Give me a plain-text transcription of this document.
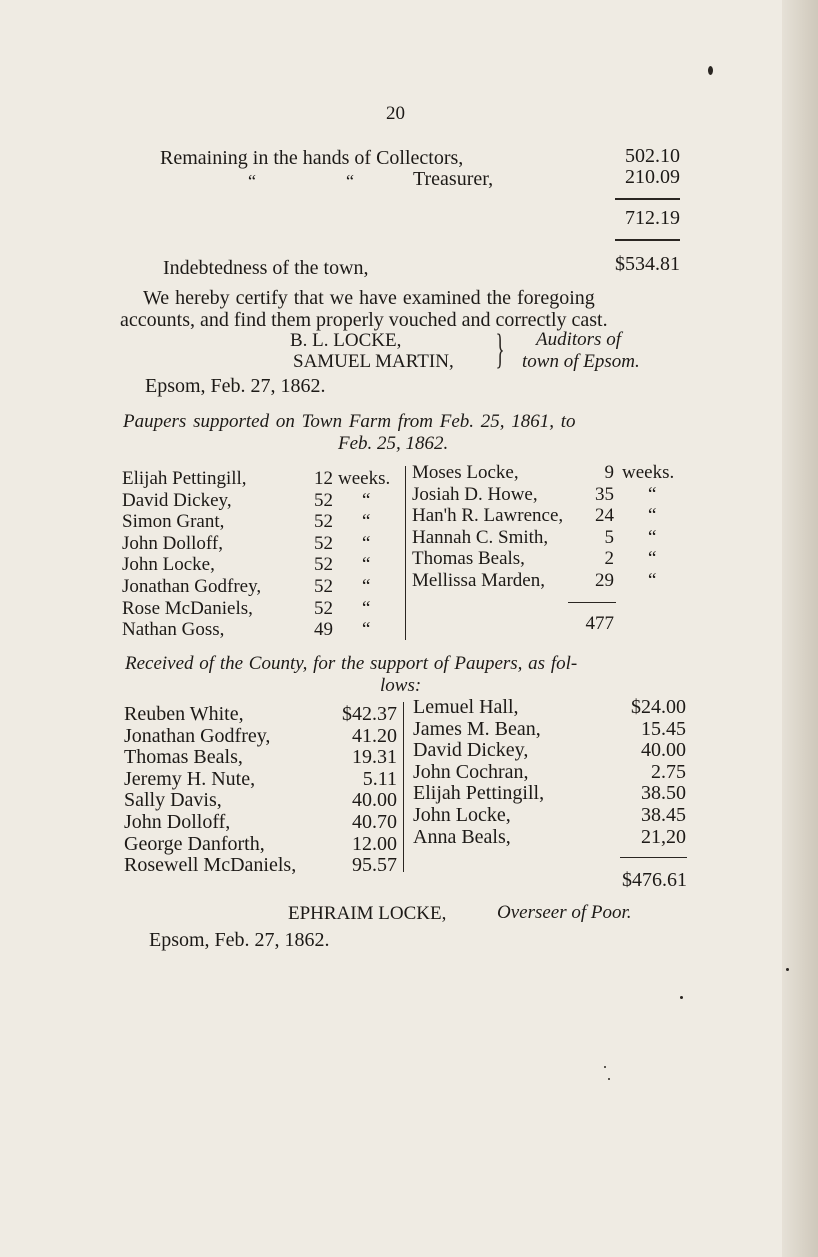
20
Remaining in the hands of Collectors,	502.10
“	“	Treasurer,	210.09
712.19
Indebtedness of the town,	$534.81
We hereby certify that we have examined the foregoing
accounts, and find them properly vouched and correctly cast.
B. L. LOCKE,
SAMUEL MARTIN, } Auditors of
town of Epsom.
Epsom, Feb. 27, 1862.
Paupers supported on Town Farm from Feb. 25, 1861, to
Feb. 25, 1862.
Elijah Pettingill,	12 weeks.
David Dickey,	52 “
Simon Grant,	52 “
John Dolloff,	52 “
John Locke,	52 “
Jonathan Godfrey,	52 “
Rose McDaniels,	52 “
Nathan Goss,	49 “
Moses Locke,	9 weeks.
Josiah D. Howe,	35 “
Han'h R. Lawrence,	24 “
Hannah C. Smith,	5 “
Thomas Beals,	2 “
Mellissa Marden,	29 “
477
Received of the County, for the support of Paupers, as fol-
lows:
Reuben White,	$42.37
Jonathan Godfrey,	41.20
Thomas Beals,	19.31
Jeremy H. Nute,	5.11
Sally Davis,	40.00
John Dolloff,	40.70
George Danforth,	12.00
Rosewell McDaniels,	95.57
Lemuel Hall,	$24.00
James M. Bean,	15.45
David Dickey,	40.00
John Cochran,	2.75
Elijah Pettingill,	38.50
John Locke,	38.45
Anna Beals,	21,20
$476.61
EPHRAIM LOCKE,	Overseer of Poor.
Epsom, Feb. 27, 1862.
